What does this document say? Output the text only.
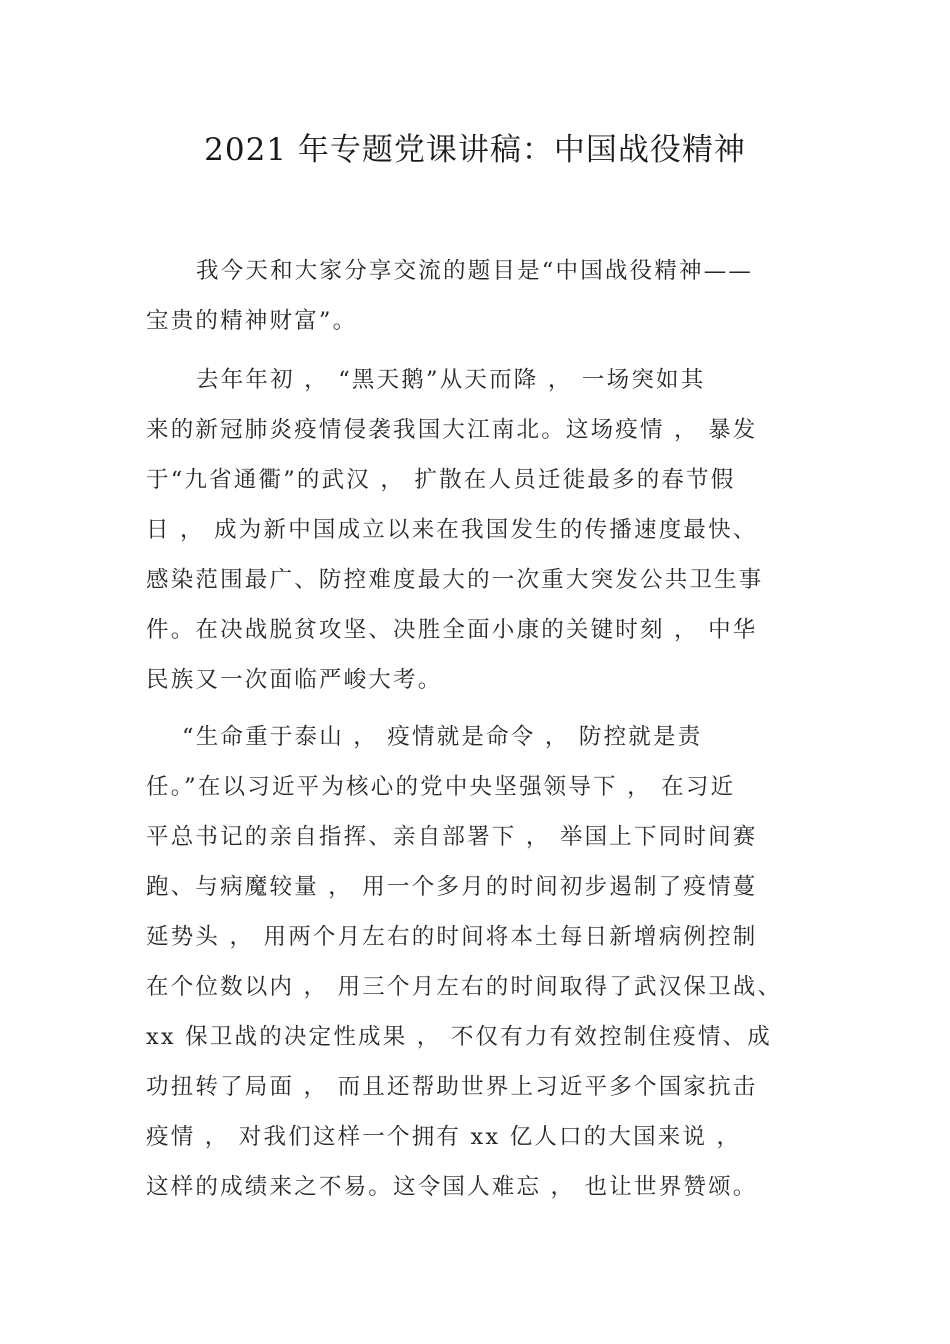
2021 年专题党课讲稿：中国战役精神
我今天和大家分享交流的题目是“中国战役精神——
宝贵的精神财富”。
去年年初 ， “黑天鹅”从天而降 ， 一场突如其
来的新冠肺炎疫情侵袭我国大江南北。这场疫情 ， 暴发
于“九省通衢”的武汉 ， 扩散在人员迁徙最多的春节假
日 ， 成为新中国成立以来在我国发生的传播速度最快、
感染范围最广、防控难度最大的一次重大突发公共卫生事
件。在决战脱贫攻坚、决胜全面小康的关键时刻 ， 中华
民族又一次面临严峻大考。
“生命重于泰山 ， 疫情就是命令 ， 防控就是责
任。”在以习近平为核心的党中央坚强领导下 ， 在习近
平总书记的亲自指挥、亲自部署下 ， 举国上下同时间赛
跑、与病魔较量 ， 用一个多月的时间初步遏制了疫情蔓
延势头 ， 用两个月左右的时间将本土每日新增病例控制
在个位数以内 ， 用三个月左右的时间取得了武汉保卫战、
xx 保卫战的决定性成果 ， 不仅有力有效控制住疫情、成
功扭转了局面 ， 而且还帮助世界上习近平多个国家抗击
疫情 ， 对我们这样一个拥有 xx 亿人口的大国来说 ，
这样的成绩来之不易。这令国人难忘 ， 也让世界赞颂。
